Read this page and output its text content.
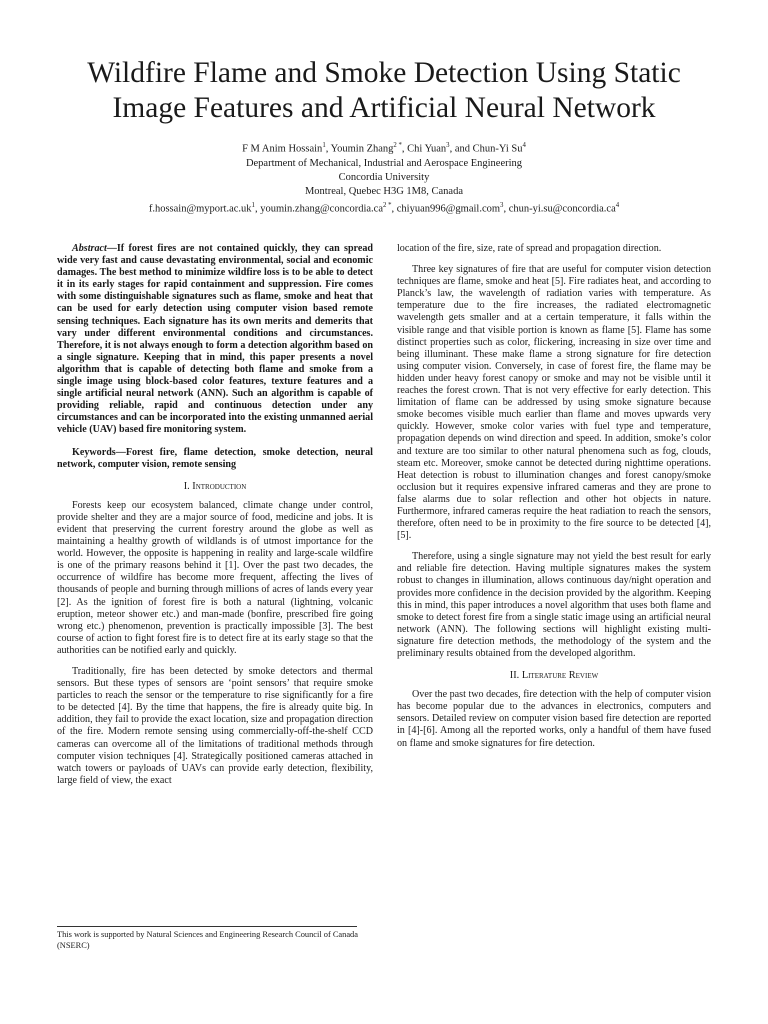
Wildfire Flame and Smoke Detection Using Static
Image Features and Artificial Neural Network
F M Anim Hossain$^1$, Youmin Zhang$^{2 *}$, Chi Yuan$^3$, and Chun-Yi Su$^4$
Department of Mechanical, Industrial and Aerospace Engineering
Concordia University
Montreal, Quebec H3G 1M8, Canada
$f.hossain@myport.ac.uk^1$, $youmin.zhang@concordia.ca^{2 *}$, chiyuan996@gmail.com$^3$, chun-$yi.su@concordia.ca^4$

Abstract—If forest fires are not contained quickly, they can spread wide very fast and cause devastating environmental, social and economic damages. The best method to minimize wildfire loss is to be able to detect it in its early stages for rapid containment and suppression. Fire comes with some distinguishable signatures such as flame, smoke and heat that can be used for early detection using computer vision based remote sensing techniques. Each signature has its own merits and demerits that vary under different environmental conditions and circumstances. Therefore, it is not always enough to form a detection algorithm based on a single signature. Keeping that in mind, this paper presents a novel algorithm that is capable of detecting both flame and smoke from a single image using block-based color features, texture features and a single artificial neural network (ANN). Such an algorithm is capable of providing reliable, rapid and continuous detection under any circumstances and can be incorporated into the existing unmanned aerial vehicle (UAV) based fire monitoring system.

Keywords—Forest fire, flame detection, smoke detection, neural network, computer vision, remote sensing

I. Introduction

Forests keep our ecosystem balanced, climate change under control, provide shelter and they are a major source of food, medicine and jobs. It is evident that preserving the current forestry around the globe as well as maintaining a healthy growth of wildlands is of utmost importance for the world. However, the opposite is happening in reality and large-scale wildfire is one of the primary reasons behind it [1]. Over the past two decades, the occurrence of wildfire has become more frequent, affecting the lives of thousands of people and burning through millions of acres of lands every year [2]. As the ignition of forest fire is both a natural (lightning, volcanic eruption, meteor shower etc.) and man-made (bonfire, prescribed fire going wrong etc.) phenomenon, prevention is practically impossible [3]. The best course of action to fight forest fire is to detect fire at its early stage so that the authorities can be notified early and quickly.

Traditionally, fire has been detected by smoke detectors and thermal sensors. But these types of sensors are ‘point sensors’ that require smoke particles to reach the sensor or the temperature to rise significantly for a fire to be detected [4]. By the time that happens, the fire is already quite big. In addition, they fail to provide the exact location, size and propagation direction of the fire. Modern remote sensing using commercially-off-the-shelf CCD cameras can overcome all of the limitations of traditional methods through computer vision techniques [4]. Strategically positioned cameras attached in watch towers or payloads of UAVs can provide early detection, flexibility, large field of view, the exact

location of the fire, size, rate of spread and propagation direction.

Three key signatures of fire that are useful for computer vision detection techniques are flame, smoke and heat [5]. Fire radiates heat, and according to Planck’s law, the wavelength of radiation varies with temperature. As temperature due to the fire increases, the radiated electromagnetic wavelength gets smaller and at a certain temperature, it falls within the visible range and that visible portion is known as flame [5]. Flame has some distinct properties such as color, flickering, increasing in size over time and being illuminant. These make flame a strong signature for fire detection using computer vision. Conversely, in case of forest fire, the flame may be hidden under heavy forest canopy or smoke and may not be visible until it reaches the forest crown. That is not very effective for early detection. This limitation of flame can be addressed by using smoke signature because smoke becomes visible much earlier than flame and moves upwards very quickly. However, smoke color varies with fuel type and temperature, propagation depends on wind direction and speed. In addition, smoke’s color and texture are too similar to other natural phenomena such as fog, clouds, steam etc. Moreover, smoke cannot be detected during nighttime operations. Heat detection is robust to illumination changes and forest canopy/smoke occlusion but it requires expensive infrared cameras and they are prone to false alarms due to solar reflection and other hot objects in nature. Furthermore, infrared cameras require the heat radiation to reach the sensors, therefore, often need to be in proximity to the fire source to be detected [4], [5].

Therefore, using a single signature may not yield the best result for early and reliable fire detection. Having multiple signatures makes the system robust to changes in illumination, allows continuous day/night operation and provides more confidence in the decision provided by the algorithm. Keeping this in mind, this paper introduces a novel algorithm that uses both flame and smoke to detect forest fire from a single static image using an artificial neural network (ANN). The following sections will highlight existing multi-signature fire detection methods, the methodology of the system and the preliminary results obtained from the developed algorithm.

II. Literature Review

Over the past two decades, fire detection with the help of computer vision has become popular due to the advances in electronics, computers and sensors. Detailed review on computer vision based fire detection are reported in [4]-[6]. Among all the reported works, only a handful of them have fused on flame and smoke signatures for fire detection.

This work is supported by Natural Sciences and Engineering Research Council of Canada (NSERC)
